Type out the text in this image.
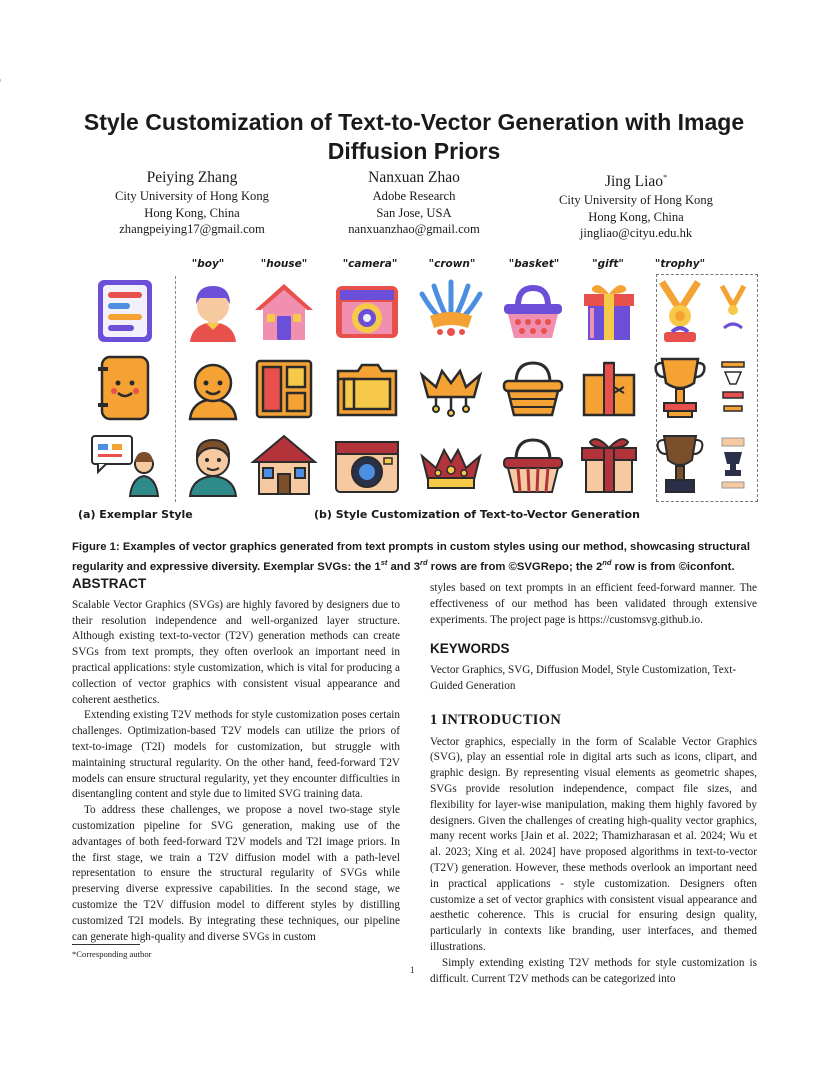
Style Customization of Text-to-Vector Generation with Image Diffusion Priors
Peiying Zhang
City University of Hong Kong
Hong Kong, China
zhangpeiying17@gmail.com
Nanxuan Zhao
Adobe Research
San Jose, USA
nanxuanzhao@gmail.com
Jing Liao*
City University of Hong Kong
Hong Kong, China
jingliao@cityu.edu.hk
"boy"	"house"	"camera"	"crown"	"basket"	"gift"	"trophy"
(a) Exemplar Style	(b) Style Customization of Text-to-Vector Generation
Figure 1: Examples of vector graphics generated from text prompts in custom styles using our method, showcasing structural regularity and expressive diversity. Exemplar SVGs: the 1st and 3rd rows are from ©SVGRepo; the 2nd row is from ©iconfont.
ABSTRACT

Scalable Vector Graphics (SVGs) are highly favored by designers due to their resolution independence and well-organized layer structure. Although existing text-to-vector (T2V) generation methods can create SVGs from text prompts, they often overlook an important need in practical applications: style customization, which is vital for producing a collection of vector graphics with consistent visual appearance and coherent aesthetics.

Extending existing T2V methods for style customization poses certain challenges. Optimization-based T2V models can utilize the priors of text-to-image (T2I) models for customization, but struggle with maintaining structural regularity. On the other hand, feed-forward T2V models can ensure structural regularity, yet they encounter difficulties in disentangling content and style due to limited SVG training data.

To address these challenges, we propose a novel two-stage style customization pipeline for SVG generation, making use of the advantages of both feed-forward T2V models and T2I image priors. In the first stage, we train a T2V diffusion model with a path-level representation to ensure the structural regularity of SVGs while preserving diverse expressive capabilities. In the second stage, we customize the T2V diffusion model to different styles by distilling customized T2I models. By integrating these techniques, our pipeline can generate high-quality and diverse SVGs in custom

*Corresponding author

styles based on text prompts in an efficient feed-forward manner. The effectiveness of our method has been validated through extensive experiments. The project page is https://customsvg.github.io.

KEYWORDS

Vector Graphics, SVG, Diffusion Model, Style Customization, Text-Guided Generation

1 INTRODUCTION

Vector graphics, especially in the form of Scalable Vector Graphics (SVG), play an essential role in digital arts such as icons, clipart, and graphic design. By representing visual elements as geometric shapes, SVGs provide resolution independence, compact file sizes, and flexibility for layer-wise manipulation, making them highly favored by designers. Given the challenges of creating high-quality vector graphics, many recent works [Jain et al. 2022; Thamizharasan et al. 2024; Wu et al. 2023; Xing et al. 2024] have proposed algorithms in text-to-vector (T2V) generation. However, these methods overlook an important need in practical applications - style customization. Designers often customize a set of vector graphics with consistent visual appearance and aesthetic coherence. This is crucial for ensuring design quality, particularly in contexts like branding, user interfaces, and themed illustrations.

Simply extending existing T2V methods for style customization is difficult. Current T2V methods can be categorized into

1
